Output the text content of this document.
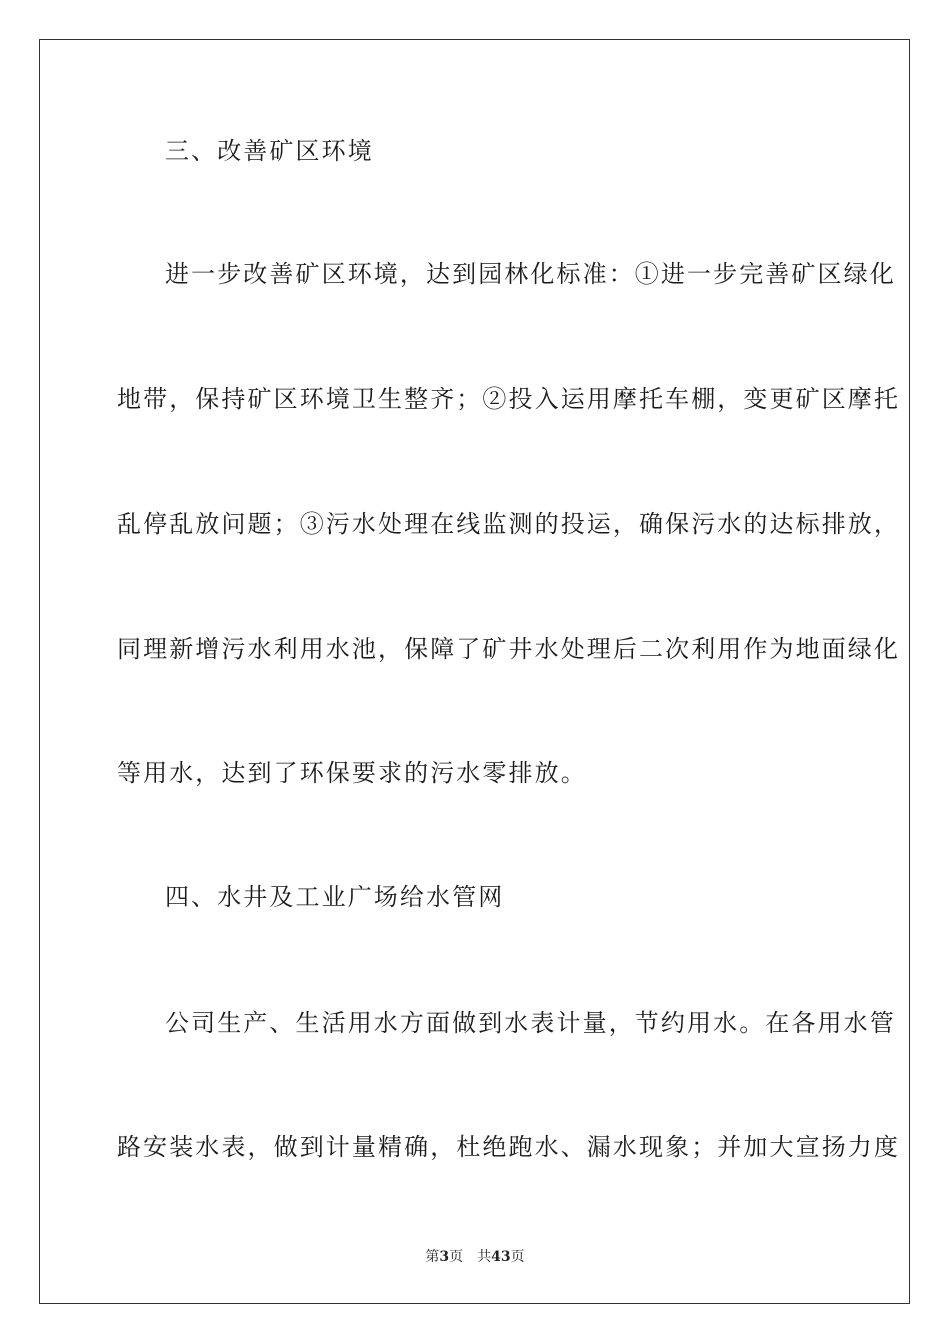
三、改善矿区环境
进一步改善矿区环境，达到园林化标准：①进一步完善矿区绿化
地带，保持矿区环境卫生整齐；②投入运用摩托车棚，变更矿区摩托
乱停乱放问题；③污水处理在线监测的投运，确保污水的达标排放，
同理新增污水利用水池，保障了矿井水处理后二次利用作为地面绿化
等用水，达到了环保要求的污水零排放。
四、水井及工业广场给水管网
公司生产、生活用水方面做到水表计量，节约用水。在各用水管
路安装水表，做到计量精确，杜绝跑水、漏水现象；并加大宣扬力度
第3页 共43页
